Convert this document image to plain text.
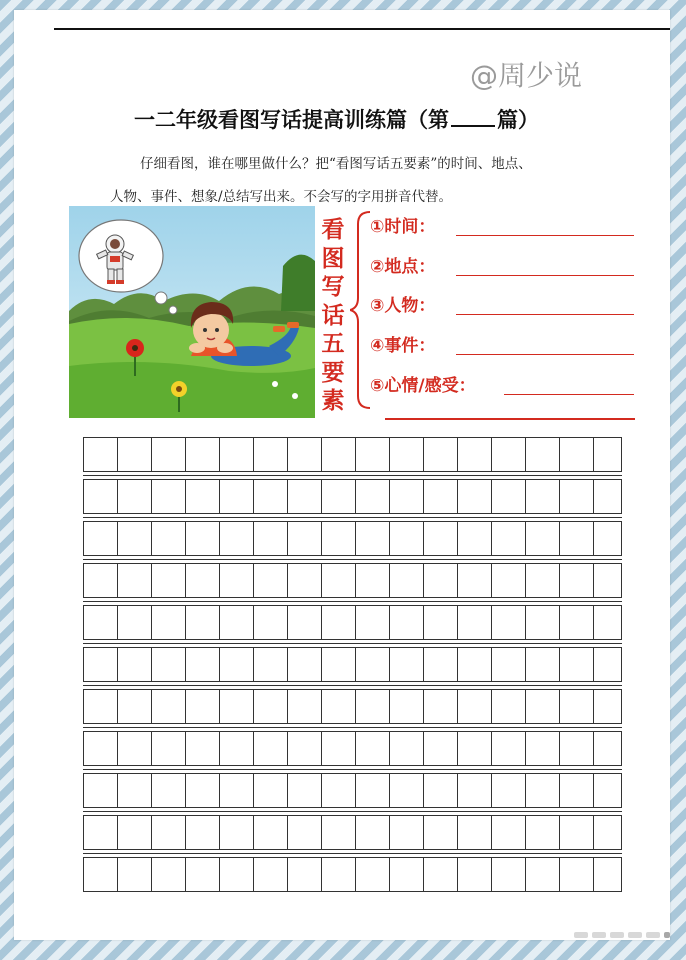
@周少说
一二年级看图写话提高训练篇（第 篇）
仔细看图，谁在哪里做什么？把“看图写话五要素”的时间、地点、
人物、事件、想象/总结写出来。不会写的字用拼音代替。
看
图
写
话
五
要
素
①时间：
②地点：
③人物：
④事件：
⑤心情/感受：
